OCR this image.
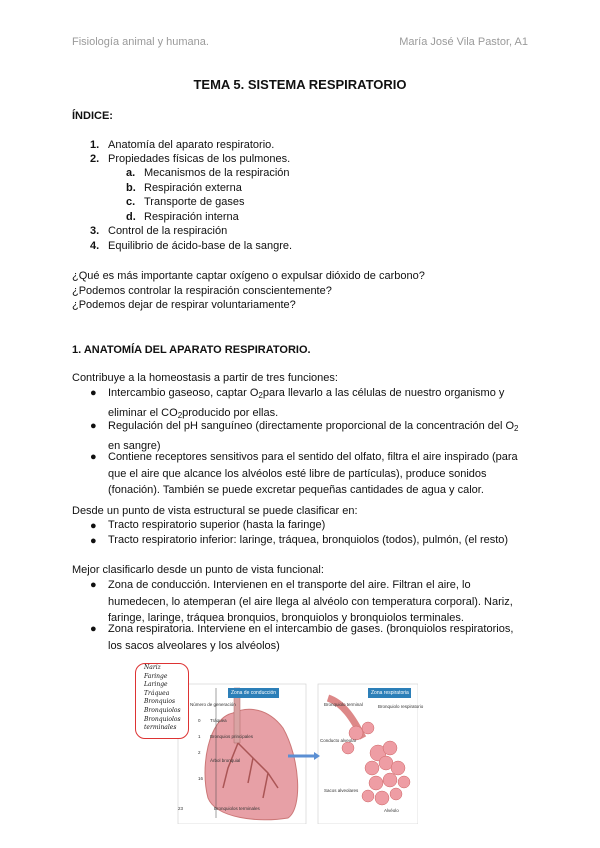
Fisiología animal y humana.	María José Vila Pastor, A1
TEMA 5. SISTEMA RESPIRATORIO
ÍNDICE:
1. Anatomía del aparato respiratorio.
2. Propiedades físicas de los pulmones.
a. Mecanismos de la respiración
b. Respiración externa
c. Transporte de gases
d. Respiración interna
3. Control de la respiración
4. Equilibrio de ácido-base de la sangre.
¿Qué es más importante captar oxígeno o expulsar dióxido de carbono?
¿Podemos controlar la respiración conscientemente?
¿Podemos dejar de respirar voluntariamente?
1. ANATOMÍA DEL APARATO RESPIRATORIO.
Contribuye a la homeostasis a partir de tres funciones:
● Intercambio gaseoso, captar $O_2para$ llevarlo a las células de nuestro organismo y
eliminar el $CO_2producido$ por ellas.
● Regulación del pH sanguíneo (directamente proporcional de la concentración del $O_2$
en sangre)
● Contiene receptores sensitivos para el sentido del olfato, filtra el aire inspirado (para que el aire que alcance los alvéolos esté libre de partículas), produce sonidos (fonación). También se puede excretar pequeñas cantidades de agua y calor.
Desde un punto de vista estructural se puede clasificar en:
● Tracto respiratorio superior (hasta la faringe)
● Tracto respiratorio inferior: laringe, tráquea, bronquiolos (todos), pulmón, (el resto)
Mejor clasificarlo desde un punto de vista funcional:
● Zona de conducción. Intervienen en el transporte del aire. Filtran el aire, lo humedecen, lo atemperan (el aire llega al alvéolo con temperatura corporal). Nariz, faringe, laringe, tráquea bronquios, bronquiolos y bronquiolos terminales.
● Zona respiratoria. Interviene en el intercambio de gases. (bronquiolos respiratorios, los sacos alveolares y los alvéolos)
Zona de conducción	Zona respiratoria
Número de generación
0 Tráquea
1 Bronquios principales
2
Árbol bronquial
16
23	Bronquiolos terminales
Bronquiolo terminal	Bronquiolo respiratorio
Conducto alveolar
Sacos alveolares
Alvéolo
Nariz
Faringe
Laringe
Tráquea
Bronquios
Bronquiolos
Bronquiolos
terminales
